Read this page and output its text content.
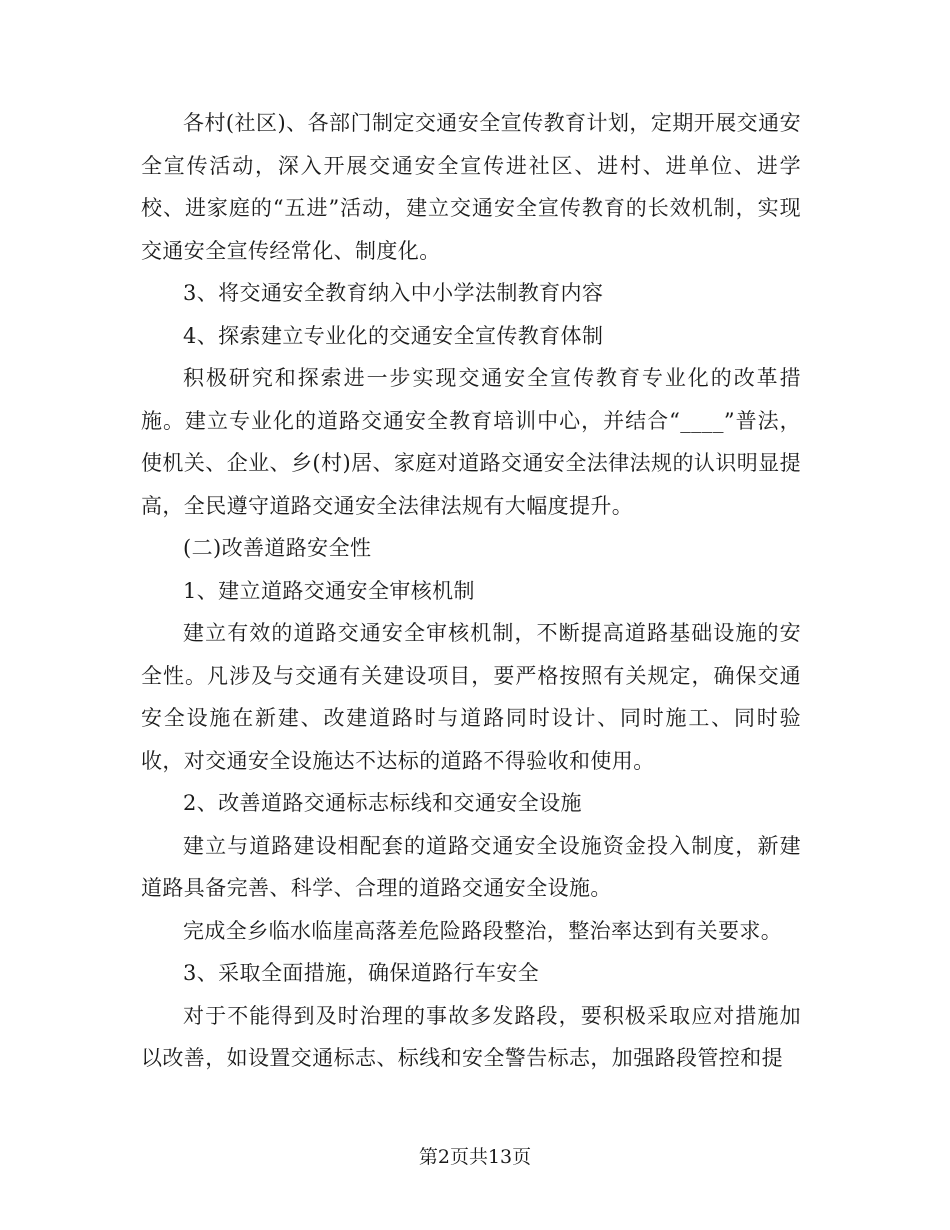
各村(社区)、各部门制定交通安全宣传教育计划，定期开展交通安全宣传活动，深入开展交通安全宣传进社区、进村、进单位、进学校、进家庭的“五进”活动，建立交通安全宣传教育的长效机制，实现交通安全宣传经常化、制度化。

3、将交通安全教育纳入中小学法制教育内容

4、探索建立专业化的交通安全宣传教育体制

积极研究和探索进一步实现交通安全宣传教育专业化的改革措施。建立专业化的道路交通安全教育培训中心，并结合“____”普法，使机关、企业、乡(村)居、家庭对道路交通安全法律法规的认识明显提高，全民遵守道路交通安全法律法规有大幅度提升。

(二)改善道路安全性

1、建立道路交通安全审核机制

建立有效的道路交通安全审核机制，不断提高道路基础设施的安全性。凡涉及与交通有关建设项目，要严格按照有关规定，确保交通安全设施在新建、改建道路时与道路同时设计、同时施工、同时验收，对交通安全设施达不达标的道路不得验收和使用。

2、改善道路交通标志标线和交通安全设施

建立与道路建设相配套的道路交通安全设施资金投入制度，新建道路具备完善、科学、合理的道路交通安全设施。

完成全乡临水临崖高落差危险路段整治，整治率达到有关要求。

3、采取全面措施，确保道路行车安全

对于不能得到及时治理的事故多发路段，要积极采取应对措施加以改善，如设置交通标志、标线和安全警告标志，加强路段管控和提

第2页共13页
